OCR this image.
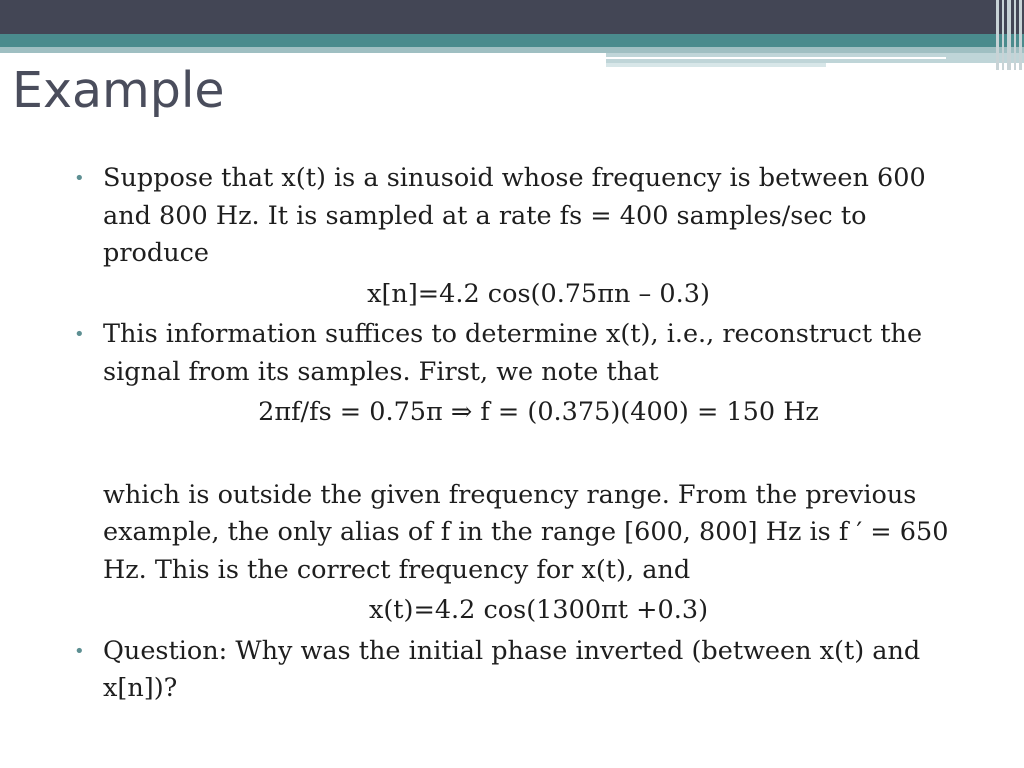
Example
• Suppose that x(t) is a sinusoid whose frequency is between 600 and 800 Hz. It is sampled at a rate fs = 400 samples/sec to produce
x[n]=4.2 cos(0.75πn – 0.3)
• This information suffices to determine x(t), i.e., reconstruct the signal from its samples. First, we note that
2πf/fs = 0.75π ⇒ f = (0.375)(400) = 150 Hz
which is outside the given frequency range. From the previous example, the only alias of f in the range [600, 800] Hz is f ′ = 650 Hz. This is the correct frequency for x(t), and
x(t)=4.2 cos(1300πt +0.3)
• Question: Why was the initial phase inverted (between x(t) and x[n])?
